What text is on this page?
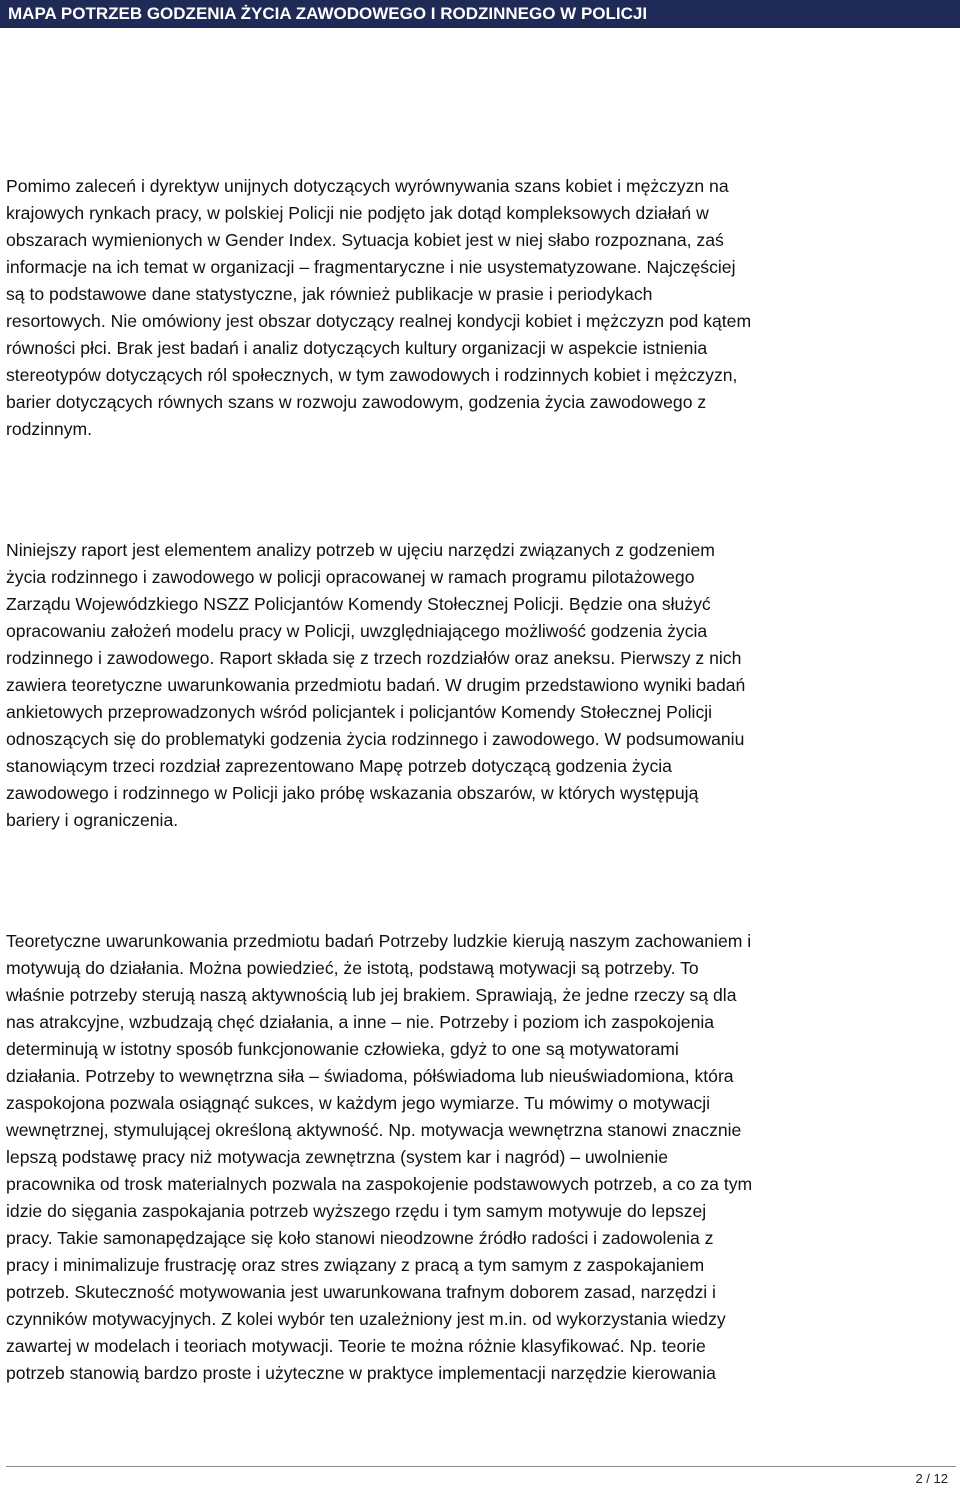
MAPA POTRZEB GODZENIA ŻYCIA ZAWODOWEGO I RODZINNEGO W POLICJI

Pomimo zaleceń i dyrektyw unijnych dotyczących wyrównywania szans kobiet i mężczyzn na
krajowych rynkach pracy, w polskiej Policji nie podjęto jak dotąd kompleksowych działań w
obszarach wymienionych w Gender Index. Sytuacja kobiet jest w niej słabo rozpoznana, zaś
informacje na ich temat w organizacji – fragmentaryczne i nie usystematyzowane. Najczęściej
są to podstawowe dane statystyczne, jak również publikacje w prasie i periodykach
resortowych. Nie omówiony jest obszar dotyczący realnej kondycji kobiet i mężczyzn pod kątem
równości płci. Brak jest badań i analiz dotyczących kultury organizacji w aspekcie istnienia
stereotypów dotyczących ról społecznych, w tym zawodowych i rodzinnych kobiet i mężczyzn,
barier dotyczących równych szans w rozwoju zawodowym, godzenia życia zawodowego z
rodzinnym.

Niniejszy raport jest elementem analizy potrzeb w ujęciu narzędzi związanych z godzeniem
życia rodzinnego i zawodowego w policji opracowanej w ramach programu pilotażowego
Zarządu Wojewódzkiego NSZZ Policjantów Komendy Stołecznej Policji. Będzie ona służyć
opracowaniu założeń modelu pracy w Policji, uwzględniającego możliwość godzenia życia
rodzinnego i zawodowego. Raport składa się z trzech rozdziałów oraz aneksu. Pierwszy z nich
zawiera teoretyczne uwarunkowania przedmiotu badań. W drugim przedstawiono wyniki badań
ankietowych przeprowadzonych wśród policjantek i policjantów Komendy Stołecznej Policji
odnoszących się do problematyki godzenia życia rodzinnego i zawodowego. W podsumowaniu
stanowiącym trzeci rozdział zaprezentowano Mapę potrzeb dotyczącą godzenia życia
zawodowego i rodzinnego w Policji jako próbę wskazania obszarów, w których występują
bariery i ograniczenia.

Teoretyczne uwarunkowania przedmiotu badań Potrzeby ludzkie kierują naszym zachowaniem i
motywują do działania. Można powiedzieć, że istotą, podstawą motywacji są potrzeby. To
właśnie potrzeby sterują naszą aktywnością lub jej brakiem. Sprawiają, że jedne rzeczy są dla
nas atrakcyjne, wzbudzają chęć działania, a inne – nie. Potrzeby i poziom ich zaspokojenia
determinują w istotny sposób funkcjonowanie człowieka, gdyż to one są motywatorami
działania. Potrzeby to wewnętrzna siła – świadoma, półświadoma lub nieuświadomiona, która
zaspokojona pozwala osiągnąć sukces, w każdym jego wymiarze. Tu mówimy o motywacji
wewnętrznej, stymulującej określoną aktywność. Np. motywacja wewnętrzna stanowi znacznie
lepszą podstawę pracy niż motywacja zewnętrzna (system kar i nagród) – uwolnienie
pracownika od trosk materialnych pozwala na zaspokojenie podstawowych potrzeb, a co za tym
idzie do sięgania zaspokajania potrzeb wyższego rzędu i tym samym motywuje do lepszej
pracy. Takie samonapędzające się koło stanowi nieodzowne źródło radości i zadowolenia z
pracy i minimalizuje frustrację oraz stres związany z pracą a tym samym z zaspokajaniem
potrzeb. Skuteczność motywowania jest uwarunkowana trafnym doborem zasad, narzędzi i
czynników motywacyjnych. Z kolei wybór ten uzależniony jest m.in. od wykorzystania wiedzy
zawartej w modelach i teoriach motywacji. Teorie te można różnie klasyfikować. Np. teorie
potrzeb stanowią bardzo proste i użyteczne w praktyce implementacji narzędzie kierowania

2 / 12
